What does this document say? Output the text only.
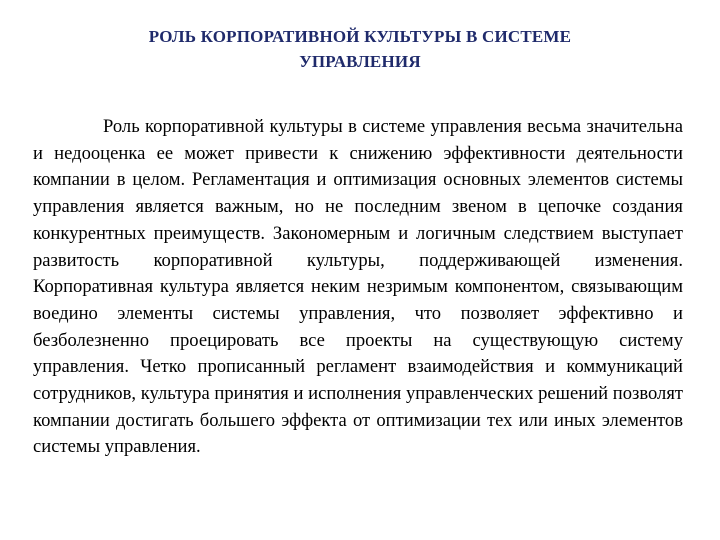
РОЛЬ КОРПОРАТИВНОЙ КУЛЬТУРЫ В СИСТЕМЕ УПРАВЛЕНИЯ

Роль корпоративной культуры в системе управления весьма значительна и недооценка ее может привести к снижению эффективности деятельности компании в целом. Регламентация и оптимизация основных элементов системы управления является важным, но не последним звеном в цепочке создания конкурентных преимуществ. Закономерным и логичным следствием выступает развитость корпоративной культуры, поддерживающей изменения. Корпоративная культура является неким незримым компонентом, связывающим воедино элементы системы управления, что позволяет эффективно и безболезненно проецировать все проекты на существующую систему управления. Четко прописанный регламент взаимодействия и коммуникаций сотрудников, культура принятия и исполнения управленческих решений позволят компании достигать большего эффекта от оптимизации тех или иных элементов системы управления.
